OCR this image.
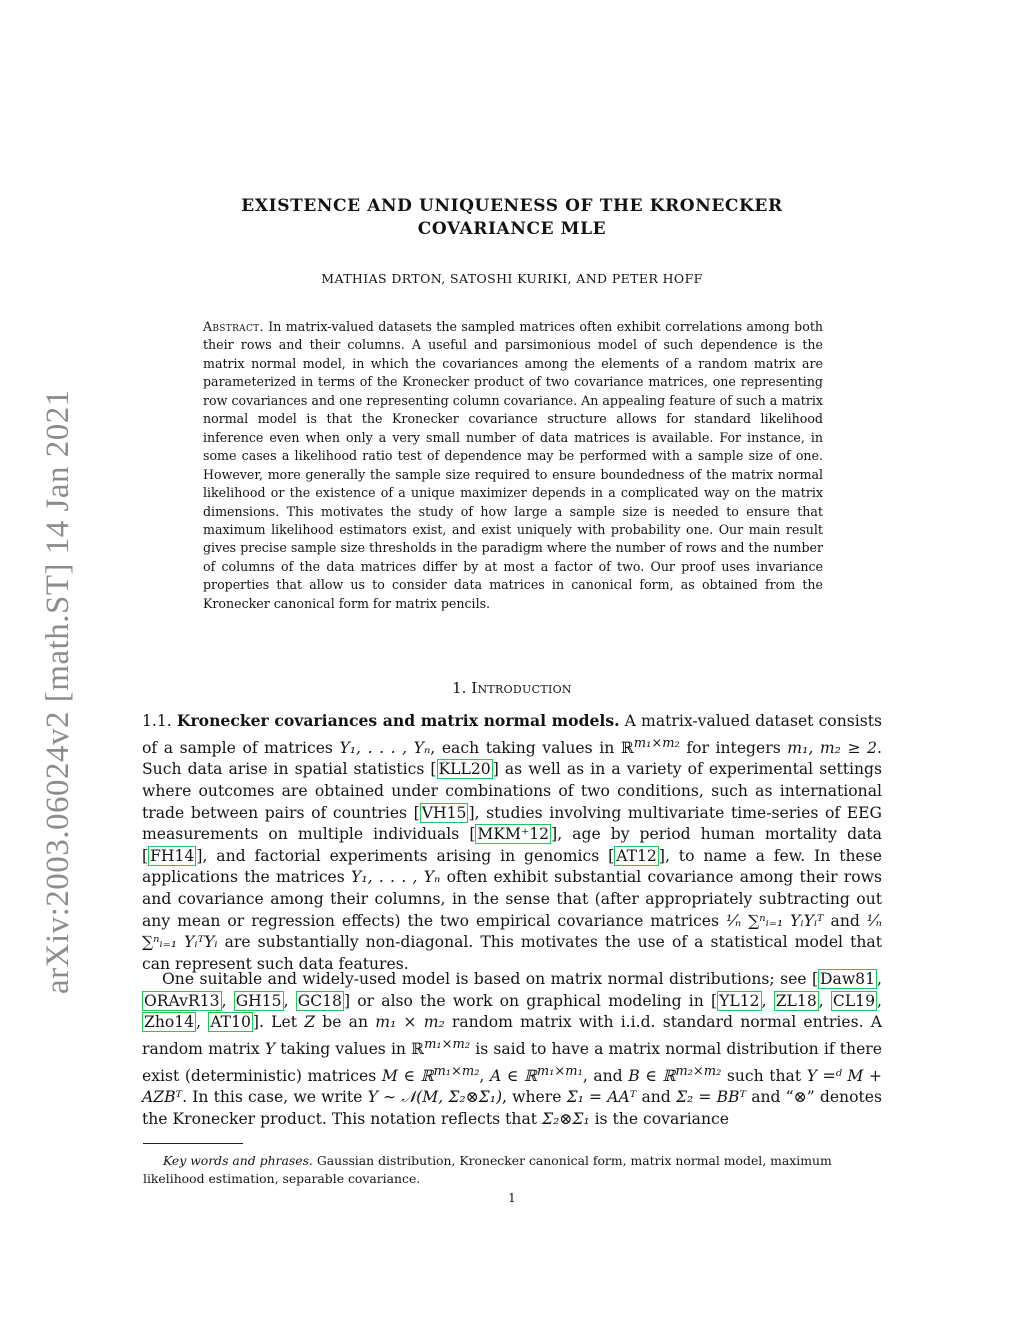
arXiv:2003.06024v2 [math.ST] 14 Jan 2021
EXISTENCE AND UNIQUENESS OF THE KRONECKER
COVARIANCE MLE
MATHIAS DRTON, SATOSHI KURIKI, AND PETER HOFF
Abstract. In matrix-valued datasets the sampled matrices often exhibit correlations among both their rows and their columns. A useful and parsimonious model of such dependence is the matrix normal model, in which the covariances among the elements of a random matrix are parameterized in terms of the Kronecker product of two covariance matrices, one representing row covariances and one representing column covariance. An appealing feature of such a matrix normal model is that the Kronecker covariance structure allows for standard likelihood inference even when only a very small number of data matrices is available. For instance, in some cases a likelihood ratio test of dependence may be performed with a sample size of one. However, more generally the sample size required to ensure boundedness of the matrix normal likelihood or the existence of a unique maximizer depends in a complicated way on the matrix dimensions. This motivates the study of how large a sample size is needed to ensure that maximum likelihood estimators exist, and exist uniquely with probability one. Our main result gives precise sample size thresholds in the paradigm where the number of rows and the number of columns of the data matrices differ by at most a factor of two. Our proof uses invariance properties that allow us to consider data matrices in canonical form, as obtained from the Kronecker canonical form for matrix pencils.
1. Introduction
1.1. Kronecker covariances and matrix normal models. A matrix-valued dataset consists of a sample of matrices Y₁, . . . , Yₙ, each taking values in ℝ$^{m_1\times m_2}$ for integers m₁, m₂ ≥ 2. Such data arise in spatial statistics [ KLL20 ] as well as in a variety of experimental settings where outcomes are obtained under combinations of two conditions, such as international trade between pairs of countries [ VH15 ], studies involving multivariate time-series of EEG measurements on multiple individuals [ MKM⁺12 ], age by period human mortality data [ FH14 ], and factorial experiments arising in genomics [ AT12 ], to name a few. In these applications the matrices Y₁, . . . , Yₙ often exhibit substantial covariance among their rows and covariance among their columns, in the sense that (after appropriately subtracting out any mean or regression effects) the two empirical covariance matrices ¹⁄ₙ ∑ⁿᵢ₌₁ YᵢYᵢᵀ and ¹⁄ₙ ∑ⁿᵢ₌₁ YᵢᵀYᵢ are substantially non-diagonal. This motivates the use of a statistical model that can represent such data features.
One suitable and widely-used model is based on matrix normal distributions; see [ Daw81 , ORAvR13 , GH15 , GC18 ] or also the work on graphical modeling in [ YL12 , ZL18 , CL19 , Zho14 , AT10 ]. Let Z be an m₁ × m₂ random matrix with i.i.d. standard normal entries. A random matrix Y taking values in ℝ$^{m_1\times m_2}$ is said to have a matrix normal distribution if there exist (deterministic) matrices M ∈ ℝ$^{m_1\times m_2}$, A ∈ ℝ$^{m_1\times m_1}$, and B ∈ ℝ$^{m_2\times m_2}$ such that Y =ᵈ M + AZBᵀ. In this case, we write Y ∼ 𝒩(M, Σ₂⊗Σ₁), where Σ₁ = AAᵀ and Σ₂ = BBᵀ and “⊗” denotes the Kronecker product. This notation reflects that Σ₂⊗Σ₁ is the covariance
Key words and phrases. Gaussian distribution, Kronecker canonical form, matrix normal model, maximum likelihood estimation, separable covariance.
1
